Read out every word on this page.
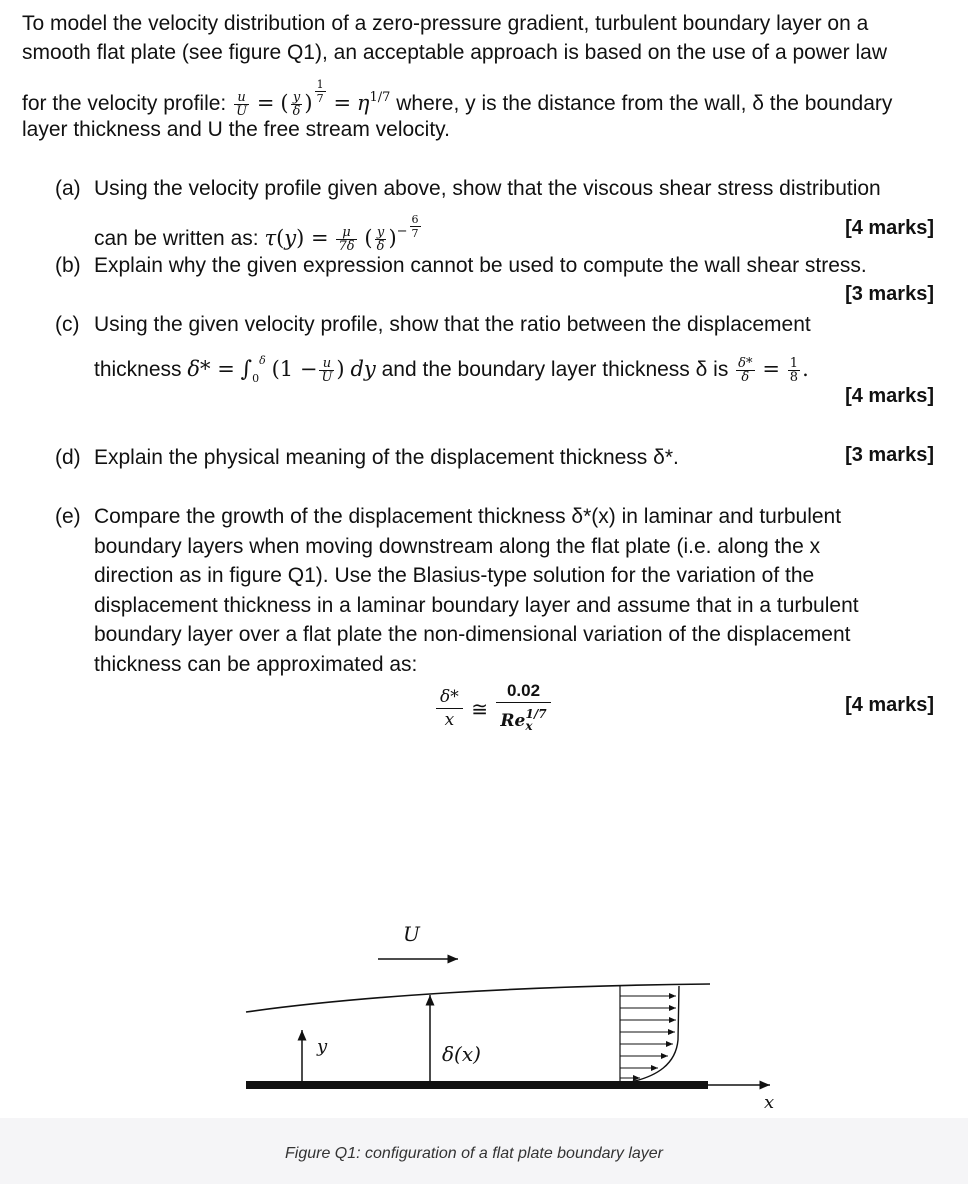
To model the velocity distribution of a zero-pressure gradient, turbulent boundary layer on a
smooth flat plate (see figure Q1), an acceptable approach is based on the use of a power law
for the velocity profile: $\frac{u}{U}$ = ( $\frac{y}{\delta}$ ) $\frac{1}{7} = \eta^{1/7}$ where, y is the distance from the wall, δ the boundary
layer thickness and U the free stream velocity.
(a) Using the velocity profile given above, show that the viscous shear stress distribution
can be written as: $\tau(y) = \frac{\mu}{7\delta}$ ( $\frac{y}{\delta} )^- \frac{6}{7}$	[4 marks]
(b) Explain why the given expression cannot be used to compute the wall shear stress.
[3 marks]
(c) Using the given velocity profile, show that the ratio between the displacement
thickness $\delta* = \int_0^\delta$ ($1 - \frac{u}{U}$ ) dy and the boundary layer thickness δ is $\frac{\delta*}{\delta} = \frac{1}{8}$ .
[4 marks]
(d) Explain the physical meaning of the displacement thickness δ*.	[3 marks]
(e) Compare the growth of the displacement thickness δ*(x) in laminar and turbulent
boundary layers when moving downstream along the flat plate (i.e. along the x
direction as in figure Q1). Use the Blasius-type solution for the variation of the
displacement thickness in a laminar boundary layer and assume that in a turbulent
boundary layer over a flat plate the non-dimensional variation of the displacement
thickness can be approximated as:
$\frac{\delta*}{x}$ ≅ $\frac{0.02}{Re_x^{1/7}}$	[4 marks]
U
y	δ(x)
x
Figure Q1: configuration of a flat plate boundary layer
